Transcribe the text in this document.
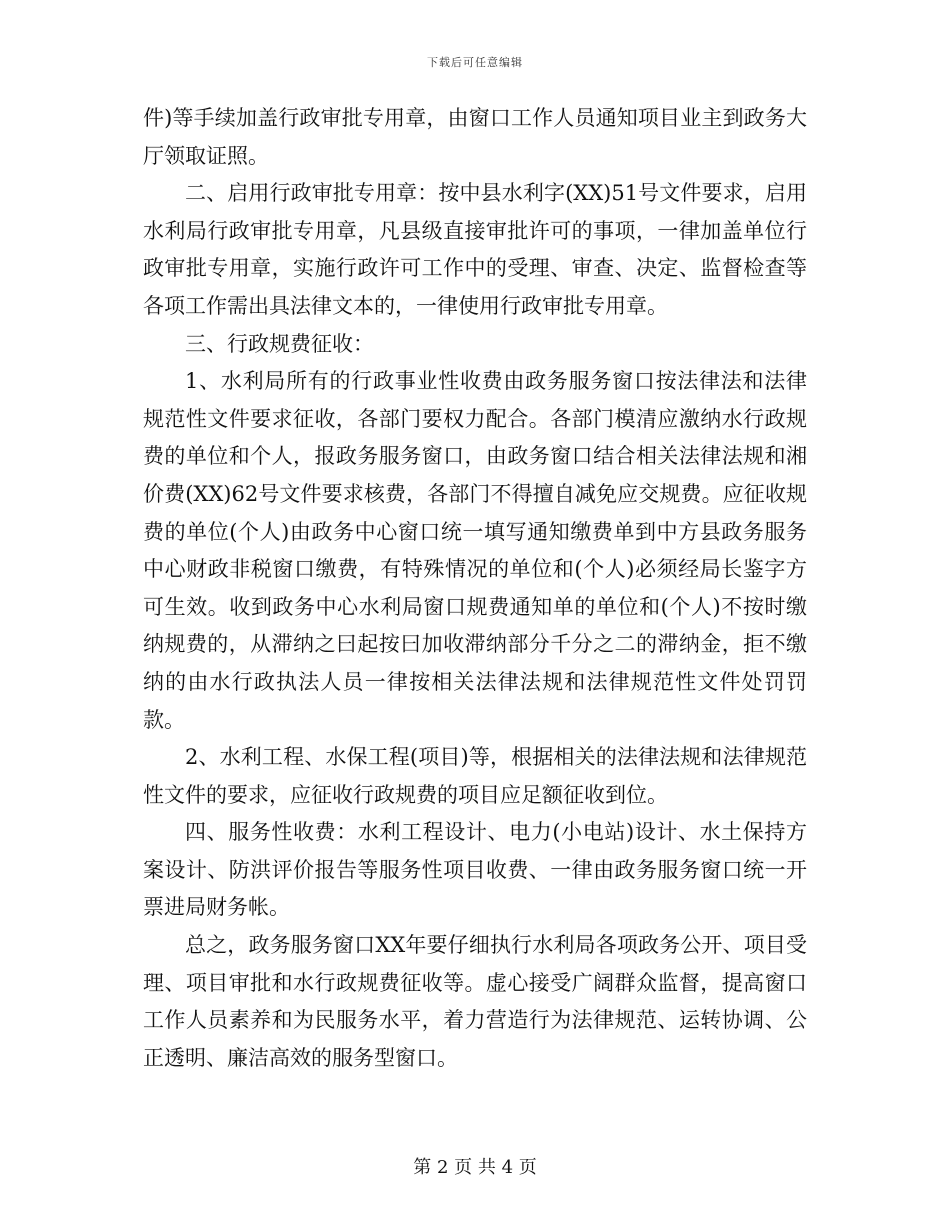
下载后可任意编辑

件)等手续加盖行政审批专用章，由窗口工作人员通知项目业主到政务大厅领取证照。

二、启用行政审批专用章：按中县水利字(XX)51号文件要求，启用水利局行政审批专用章，凡县级直接审批许可的事项，一律加盖单位行政审批专用章，实施行政许可工作中的受理、审查、决定、监督检查等各项工作需出具法律文本的，一律使用行政审批专用章。

三、行政规费征收：

1、水利局所有的行政事业性收费由政务服务窗口按法律法和法律规范性文件要求征收，各部门要权力配合。各部门模清应激纳水行政规费的单位和个人，报政务服务窗口，由政务窗口结合相关法律法规和湘价费(XX)62号文件要求核费，各部门不得擅自减免应交规费。应征收规费的单位(个人)由政务中心窗口统一填写通知缴费单到中方县政务服务中心财政非税窗口缴费，有特殊情况的单位和(个人)必须经局长鉴字方可生效。收到政务中心水利局窗口规费通知单的单位和(个人)不按时缴纳规费的，从滞纳之曰起按曰加收滞纳部分千分之二的滞纳金，拒不缴纳的由水行政执法人员一律按相关法律法规和法律规范性文件处罚罚款。

2、水利工程、水保工程(项目)等，根据相关的法律法规和法律规范性文件的要求，应征收行政规费的项目应足额征收到位。

四、服务性收费：水利工程设计、电力(小电站)设计、水土保持方案设计、防洪评价报告等服务性项目收费、一律由政务服务窗口统一开票进局财务帐。

总之，政务服务窗口XX年要仔细执行水利局各项政务公开、项目受理、项目审批和水行政规费征收等。虚心接受广阔群众监督，提高窗口工作人员素养和为民服务水平，着力营造行为法律规范、运转协调、公正透明、廉洁高效的服务型窗口。

第 2 页 共 4 页
